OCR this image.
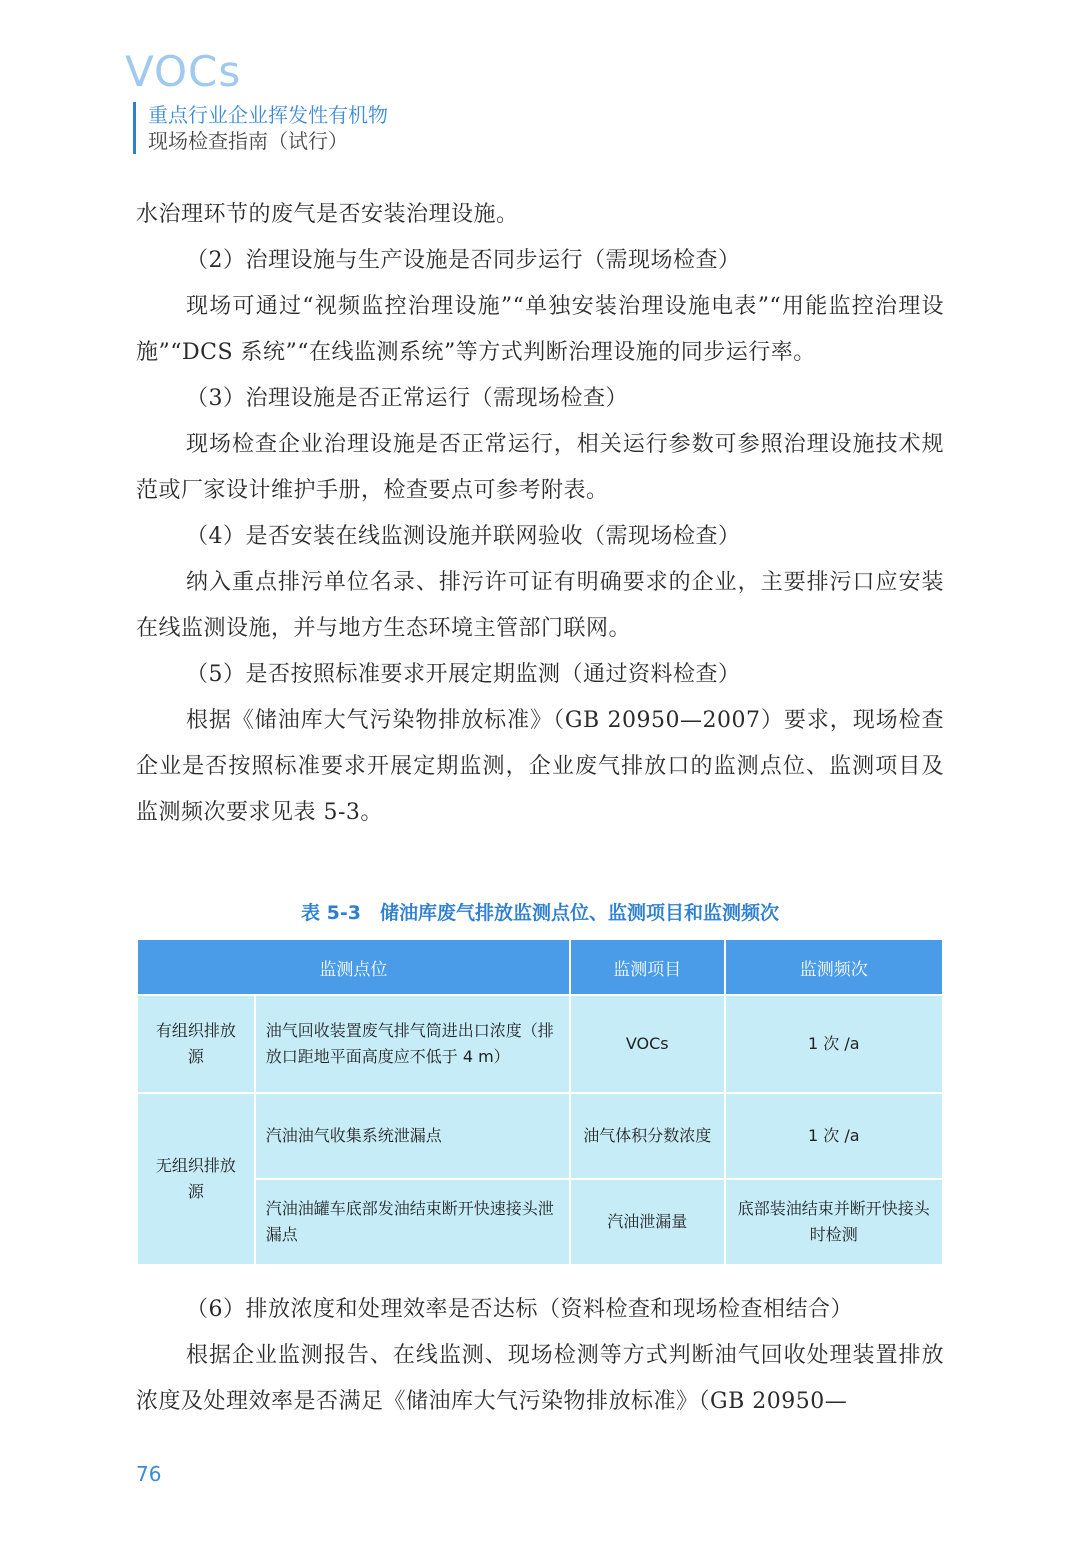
VOCs
重点行业企业挥发性有机物
现场检查指南（试行）

水治理环节的废气是否安装治理设施。

（2）治理设施与生产设施是否同步运行（需现场检查）

现场可通过“视频监控治理设施”“单独安装治理设施电表”“用能监控治理设施”“DCS 系统”“在线监测系统”等方式判断治理设施的同步运行率。

（3）治理设施是否正常运行（需现场检查）

现场检查企业治理设施是否正常运行，相关运行参数可参照治理设施技术规范或厂家设计维护手册，检查要点可参考附表。

（4）是否安装在线监测设施并联网验收（需现场检查）

纳入重点排污单位名录、排污许可证有明确要求的企业，主要排污口应安装在线监测设施，并与地方生态环境主管部门联网。

（5）是否按照标准要求开展定期监测（通过资料检查）

根据《储油库大气污染物排放标准》（GB 20950—2007）要求，现场检查企业是否按照标准要求开展定期监测，企业废气排放口的监测点位、监测项目及监测频次要求见表 5-3。

表 5-3　储油库废气排放监测点位、监测项目和监测频次
监测点位		监测项目	监测频次
有组织排放源	油气回收装置废气排气筒进出口浓度（排放口距地平面高度应不低于 4 m）	VOCs	1 次 /a
无组织排放源	汽油油气收集系统泄漏点	油气体积分数浓度	1 次 /a
	汽油油罐车底部发油结束断开快速接头泄漏点	汽油泄漏量	底部装油结束并断开快接头时检测

（6）排放浓度和处理效率是否达标（资料检查和现场检查相结合）

根据企业监测报告、在线监测、现场检测等方式判断油气回收处理装置排放浓度及处理效率是否满足《储油库大气污染物排放标准》（GB 20950—

76
